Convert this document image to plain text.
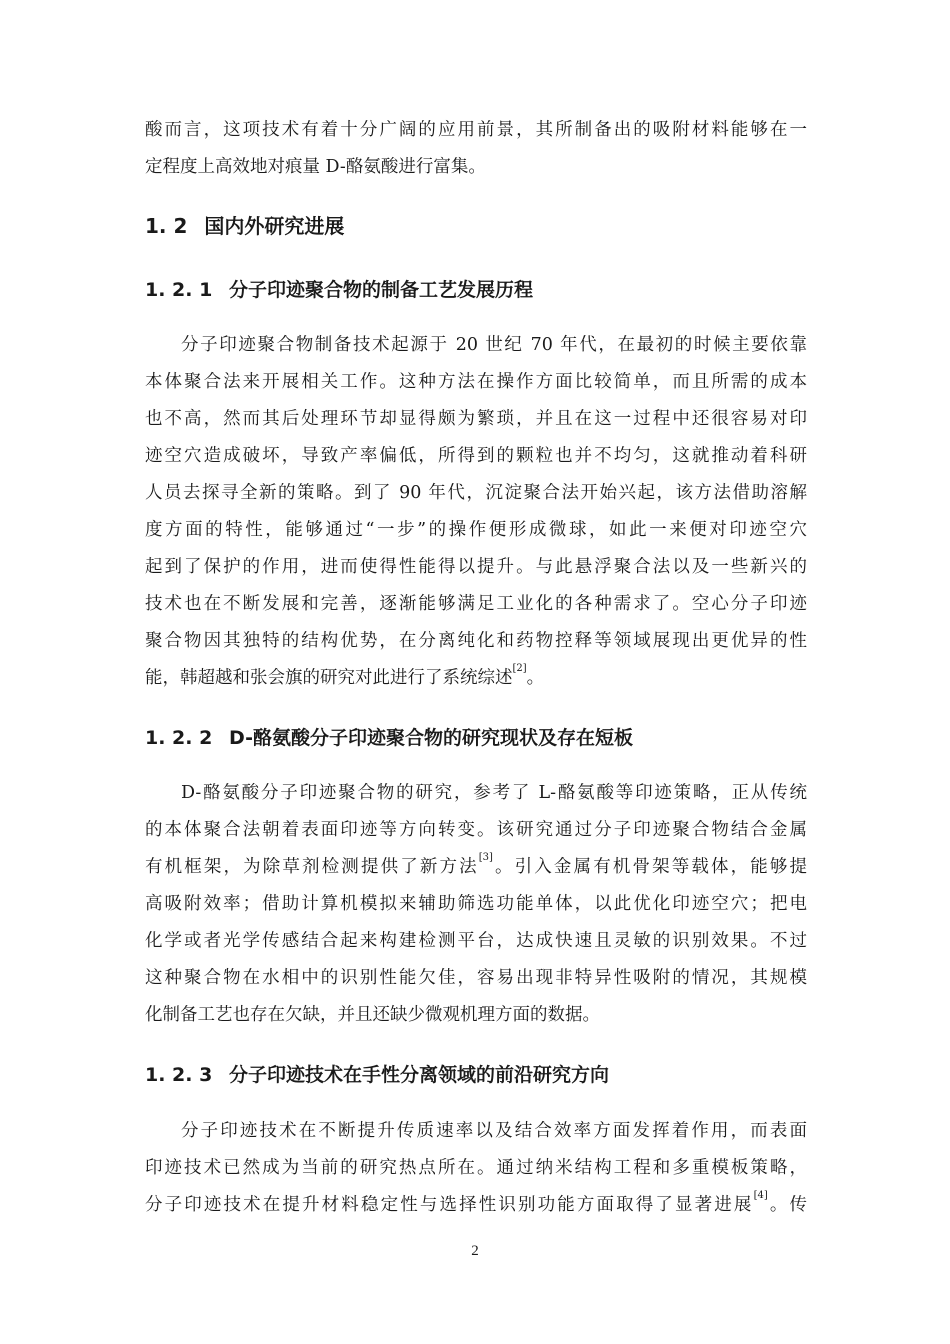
酸而言，这项技术有着十分广阔的应用前景，其所制备出的吸附材料能够在一
定程度上高效地对痕量 D-酪氨酸进行富集。
1. 2 国内外研究进展
1. 2. 1 分子印迹聚合物的制备工艺发展历程
分子印迹聚合物制备技术起源于 20 世纪 70 年代，在最初的时候主要依靠
本体聚合法来开展相关工作。这种方法在操作方面比较简单，而且所需的成本
也不高，然而其后处理环节却显得颇为繁琐，并且在这一过程中还很容易对印
迹空穴造成破坏，导致产率偏低，所得到的颗粒也并不均匀，这就推动着科研
人员去探寻全新的策略。到了 90 年代，沉淀聚合法开始兴起，该方法借助溶解
度方面的特性，能够通过“一步”的操作便形成微球，如此一来便对印迹空穴
起到了保护的作用，进而使得性能得以提升。与此悬浮聚合法以及一些新兴的
技术也在不断发展和完善，逐渐能够满足工业化的各种需求了。空心分子印迹
聚合物因其独特的结构优势，在分离纯化和药物控释等领域展现出更优异的性
能，韩超越和张会旗的研究对此进行了系统综述[2]。
1. 2. 2 D-酪氨酸分子印迹聚合物的研究现状及存在短板
D-酪氨酸分子印迹聚合物的研究，参考了 L-酪氨酸等印迹策略，正从传统
的本体聚合法朝着表面印迹等方向转变。该研究通过分子印迹聚合物结合金属
有机框架，为除草剂检测提供了新方法[3]。引入金属有机骨架等载体，能够提
高吸附效率；借助计算机模拟来辅助筛选功能单体，以此优化印迹空穴；把电
化学或者光学传感结合起来构建检测平台，达成快速且灵敏的识别效果。不过
这种聚合物在水相中的识别性能欠佳，容易出现非特异性吸附的情况，其规模
化制备工艺也存在欠缺，并且还缺少微观机理方面的数据。
1. 2. 3 分子印迹技术在手性分离领域的前沿研究方向
分子印迹技术在不断提升传质速率以及结合效率方面发挥着作用，而表面
印迹技术已然成为当前的研究热点所在。通过纳米结构工程和多重模板策略，
分子印迹技术在提升材料稳定性与选择性识别功能方面取得了显著进展[4]。传
2
